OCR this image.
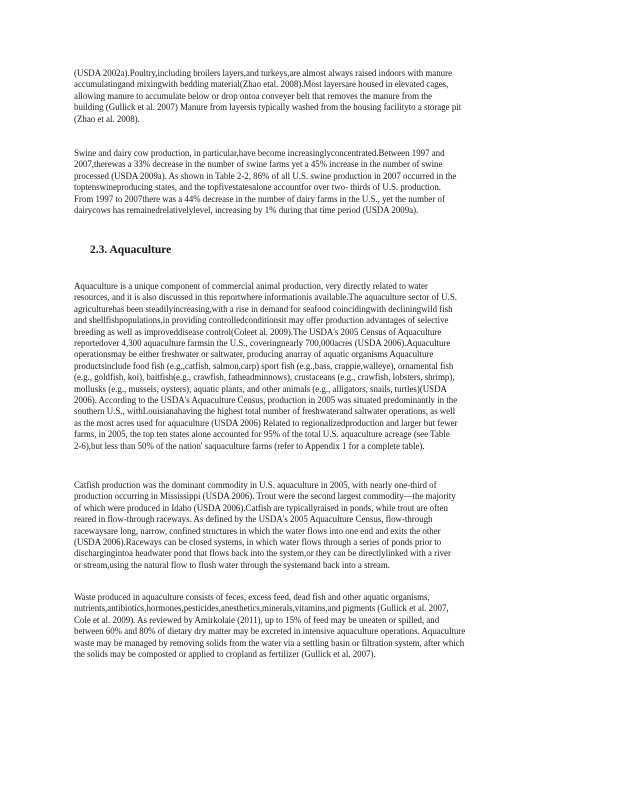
(USDA 2002a).Poultry,including broilers layers,and turkeys,are almost always raised indoors with manure
accumulatingand mixingwith bedding material(Zhao etal. 2008).Most layersare housed in elevated cages,
allowing manure to accumulate below or drop ontoa conveyer belt that removes the manure from the
building (Gullick et al. 2007) Manure from layersis typically washed from the housing facilityto a storage pit
(Zhao et al. 2008).

Swine and dairy cow production, in particular,have become increasinglyconcentrated.Between 1997 and
2007,therewas a 33% decrease in the number of swine farms yet a 45% increase in the number of swine
processed (USDA 2009a). As shown in Table 2-2, 86% of all U.S. swine production in 2007 occurred in the
toptenswineproducing states, and the topfivestatesalone accountfor over two- thirds of U.S. production.
From 1997 to 2007there was a 44% decrease in the number of dairy farms in the U.S., yet the number of
dairycows has remainedrelativelylevel, increasing by 1% during that time period (USDA 2009a).

2.3. Aquaculture

Aquaculture is a unique component of commercial animal production, very directly related to water
resources, and it is also discussed in this reportwhere informationis available.The aquaculture sector of U.S.
agriculturehas been steadilyincreasing,with a rise in demand for seafood coincidingwith decliningwild fish
and shellfishpopulations,in providing controlledconditionsit may offer production advantages of selective
breeding as well as improveddisease control(Coleet al. 2009).The USDA's 2005 Census of Aquaculture
reportedover 4,300 aquaculture farmsin the U.S., coveringnearly 700,000acres (USDA 2006).Aquaculture
operationsmay be either freshwater or saltwater, producing anarray of aquatic organisms Aquaculture
productsinclude food fish (e.g.,catfish, salmon,carp) sport fish (e.g.,bass, crappie,walleye), ornamental fish
(e.g., goldfish, koi), baitfish(e.g., crawfish, fatheadminnows), crustaceans (e.g., crawfish, lobsters, shrimp),
mollusks (e.g., mussels, oysters), aquatic plants, and other animals (e.g., alligators, snails, turtles)(USDA
2006). According to the USDA's Aquaculture Census, production in 2005 was situated predominantly in the
southern U.S., withLouisianahaving the highest total number of freshwaterand saltwater operations, as well
as the most acres used for aquaculture (USDA 2006) Related to regionalizedproduction and larger but fewer
farms, in 2005, the top ten states alone accounted for 95% of the total U.S. aquaculture acreage (see Table
2-6),but less than 50% of the nation' saquaculture farms (refer to Appendix 1 for a complete table).

Catfish production was the dominant commodity in U.S. aquaculture in 2005, with nearly one-third of
production occurring in Mississippi (USDA 2006). Trout were the second largest commodity—the majority
of which were produced in Idaho (USDA 2006).Catfish are typicallyraised in ponds, while trout are often
reared in flow-through raceways. As defined by the USDA's 2005 Aquaculture Census, flow-through
racewaysare long, narrow, confined structures in which the water flows into one end and exits the other
(USDA 2006).Raceways can be closed systems, in which water flows through a series of ponds prior to
dischargingintoa headwater pond that flows back into the system,or they can be directlylinked with a river
or stream,using the natural flow to flush water through the systemand back into a stream.

Waste produced in aquaculture consists of feces, excess feed, dead fish and other aquatic organisms,
nutrients,antibiotics,hormones,pesticides,anesthetics,minerals,vitamins,and pigments (Gullick et al. 2007,
Cole et al. 2009). As reviewed by Amirkolaie (2011), up to 15% of feed may be uneaten or spilled, and
between 60% and 80% of dietary dry matter may be excreted in intensive aquaculture operations. Aquaculture
waste may be managed by removing solids from the water via a settling basin or filtration system, after which
the solids may be composted or applied to cropland as fertilizer (Gullick et al. 2007).
